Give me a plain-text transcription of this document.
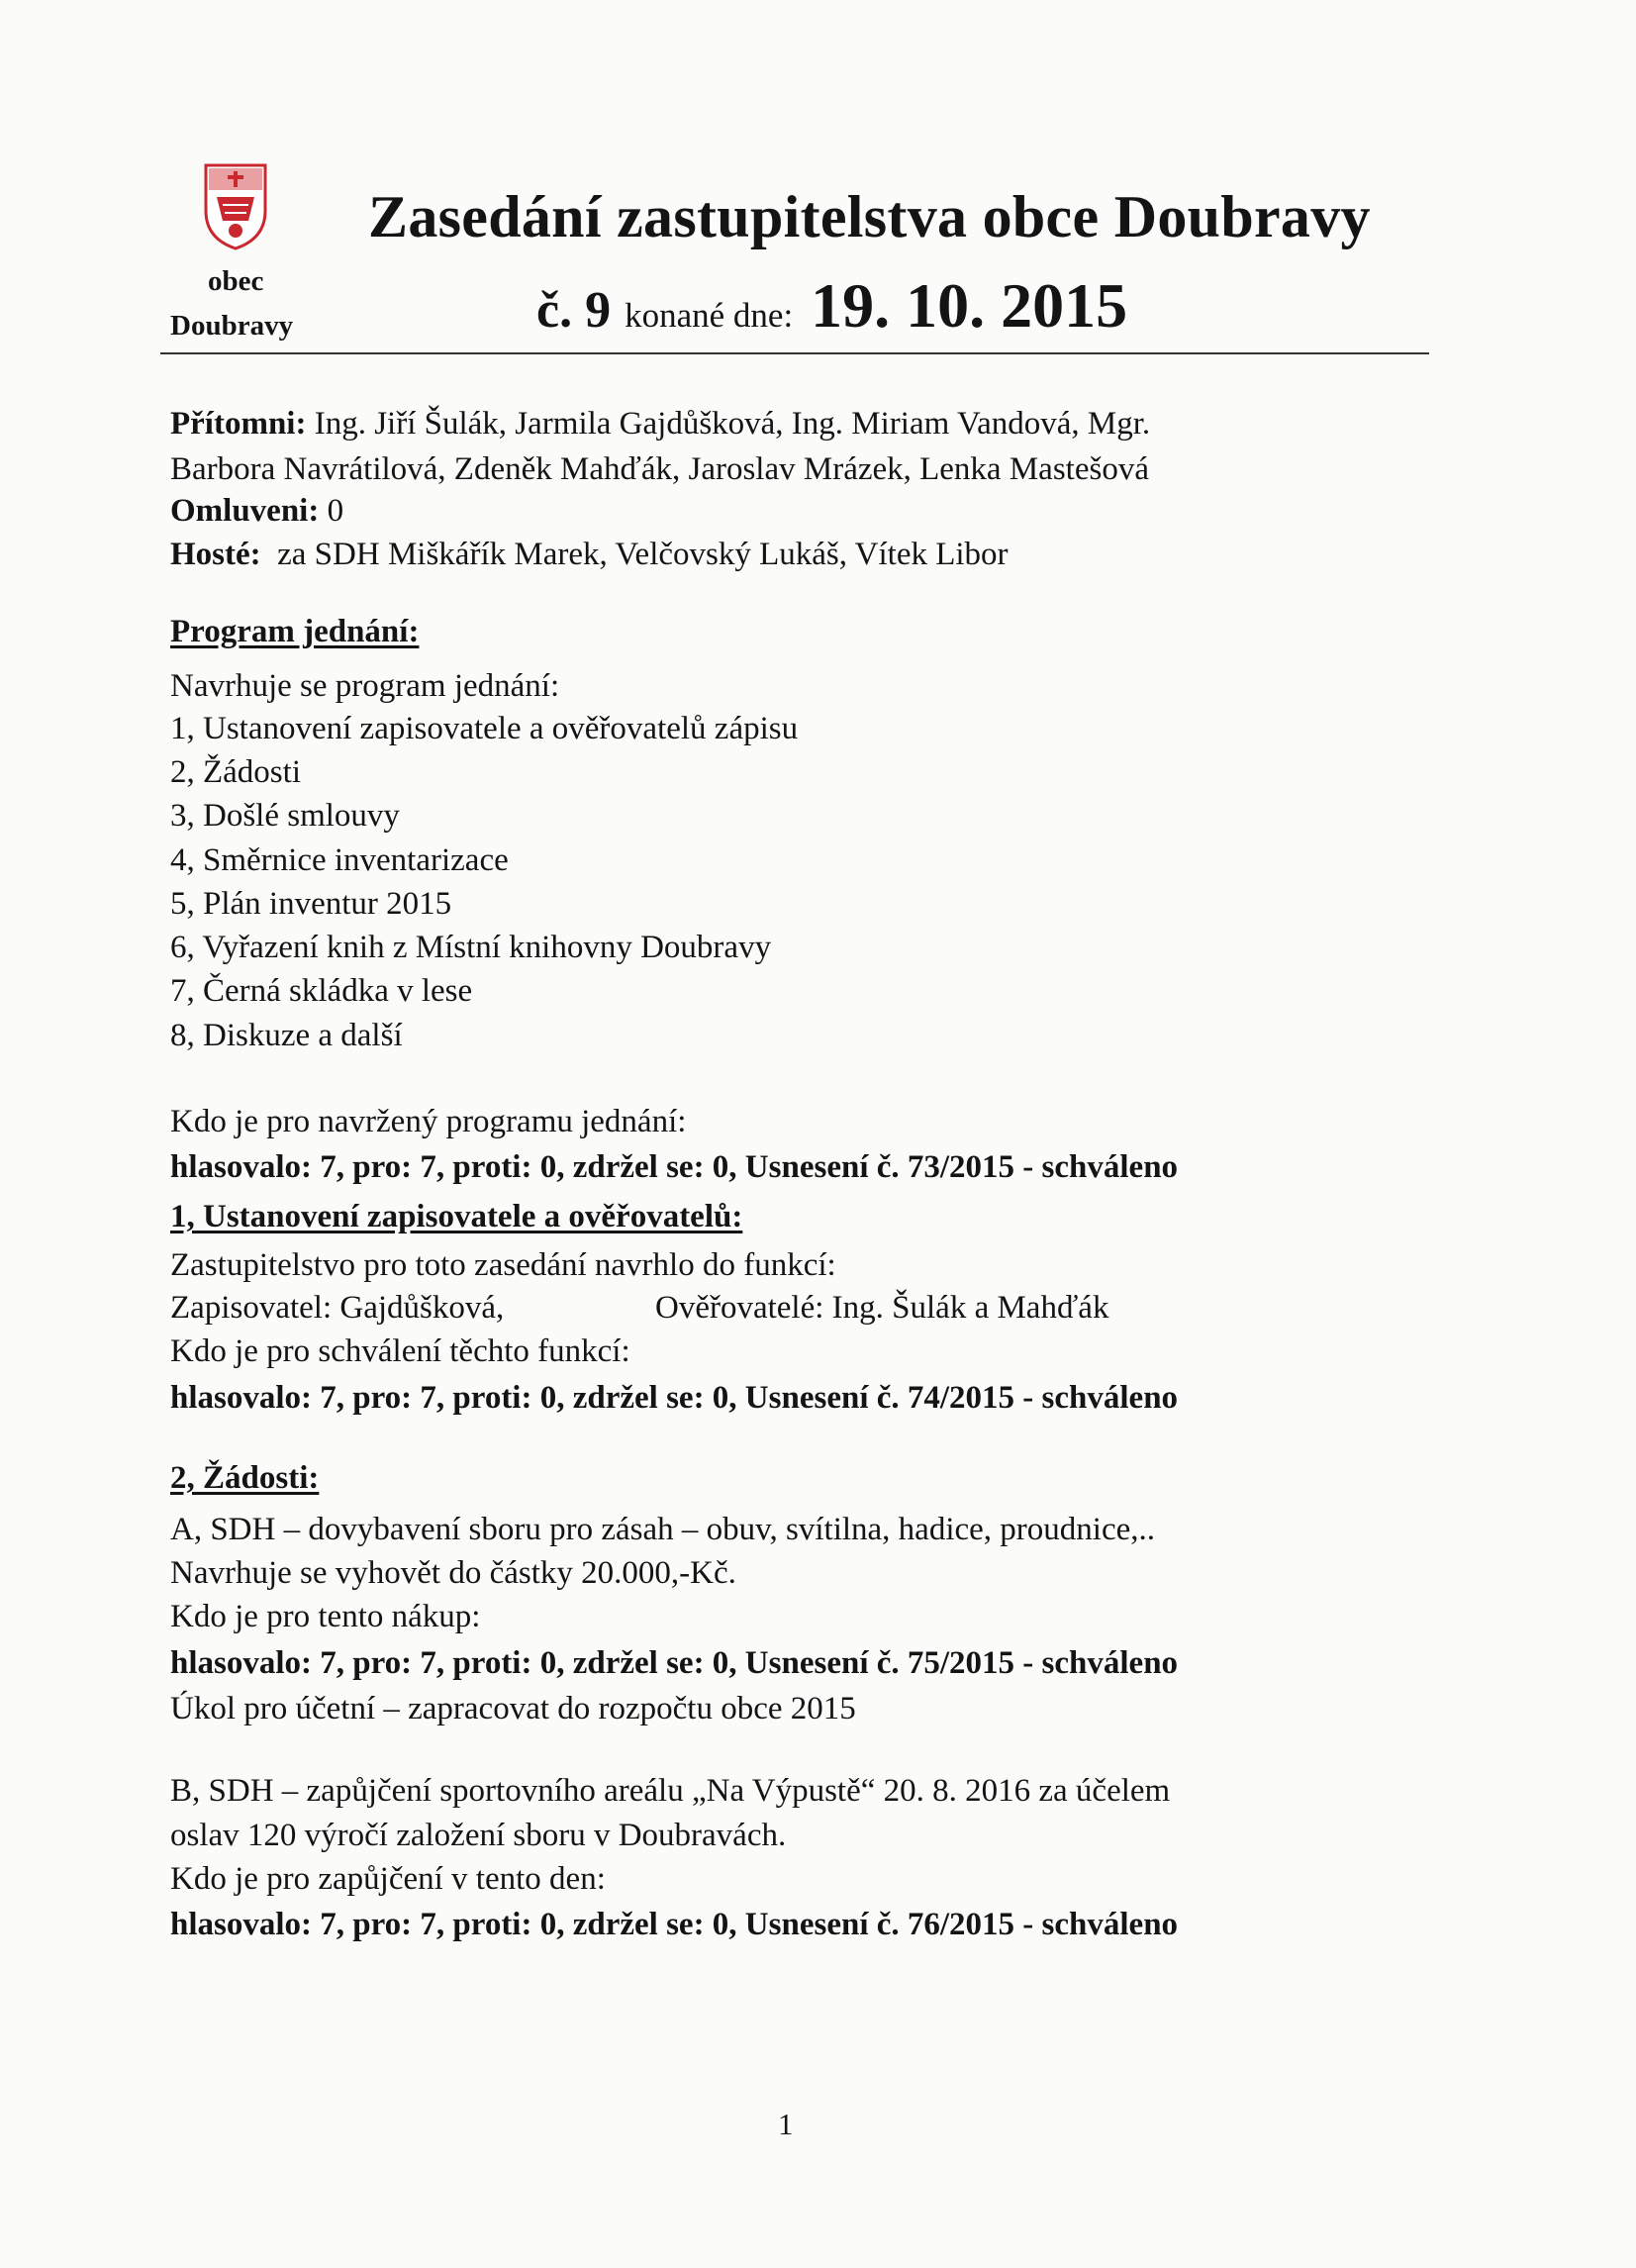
obec
Doubravy
Zasedání zastupitelstva obce Doubravy
č. 9 konané dne: 19. 10. 2015
Přítomni: Ing. Jiří Šulák, Jarmila Gajdůšková, Ing. Miriam Vandová, Mgr.
Barbora Navrátilová, Zdeněk Mahďák, Jaroslav Mrázek, Lenka Mastešová
Omluveni: 0
Hosté: za SDH Miškářík Marek, Velčovský Lukáš, Vítek Libor
Program jednání:
Navrhuje se program jednání:
1, Ustanovení zapisovatele a ověřovatelů zápisu
2, Žádosti
3, Došlé smlouvy
4, Směrnice inventarizace
5, Plán inventur 2015
6, Vyřazení knih z Místní knihovny Doubravy
7, Černá skládka v lese
8, Diskuze a další
Kdo je pro navržený programu jednání:
hlasovalo: 7, pro: 7, proti: 0, zdržel se: 0, Usnesení č. 73/2015 - schváleno
1, Ustanovení zapisovatele a ověřovatelů:
Zastupitelstvo pro toto zasedání navrhlo do funkcí:
Zapisovatel: Gajdůšková,	Ověřovatelé: Ing. Šulák a Mahďák
Kdo je pro schválení těchto funkcí:
hlasovalo: 7, pro: 7, proti: 0, zdržel se: 0, Usnesení č. 74/2015 - schváleno
2, Žádosti:
A, SDH – dovybavení sboru pro zásah – obuv, svítilna, hadice, proudnice,..
Navrhuje se vyhovět do částky 20.000,-Kč.
Kdo je pro tento nákup:
hlasovalo: 7, pro: 7, proti: 0, zdržel se: 0, Usnesení č. 75/2015 - schváleno
Úkol pro účetní – zapracovat do rozpočtu obce 2015
B, SDH – zapůjčení sportovního areálu „Na Výpustě“ 20. 8. 2016 za účelem
oslav 120 výročí založení sboru v Doubravách.
Kdo je pro zapůjčení v tento den:
hlasovalo: 7, pro: 7, proti: 0, zdržel se: 0, Usnesení č. 76/2015 - schváleno
1
